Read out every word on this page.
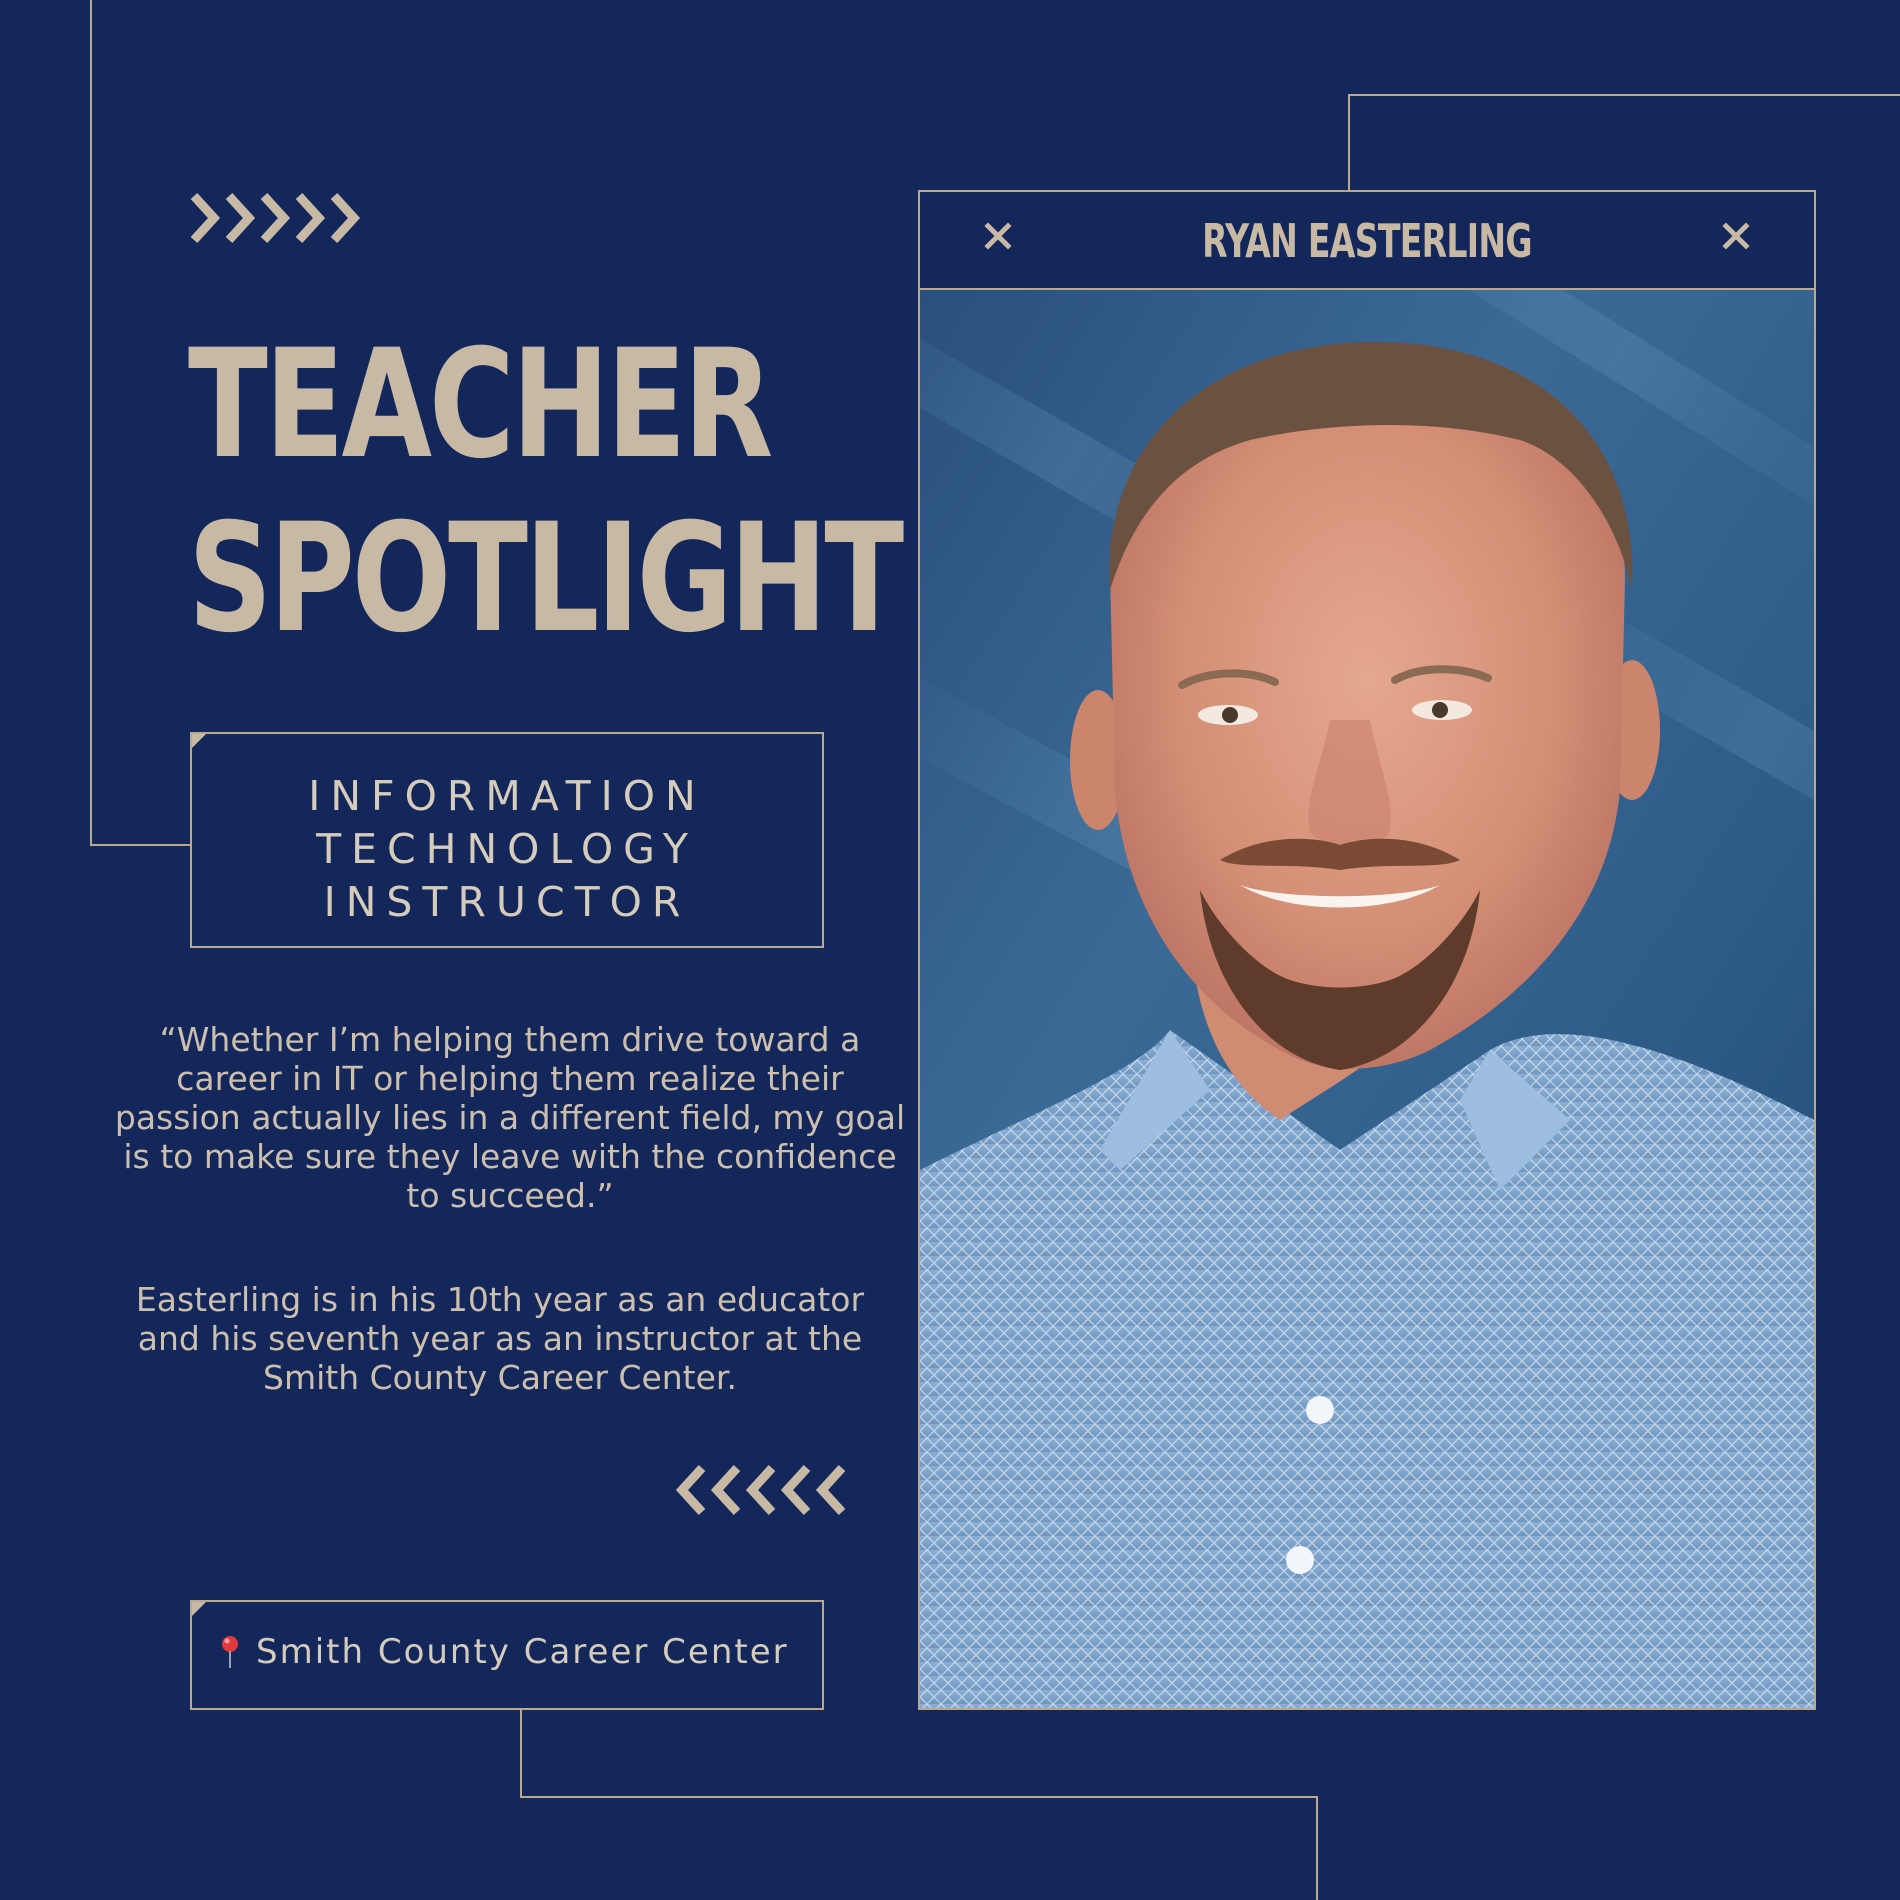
TEACHER
SPOTLIGHT
INFORMATION
TECHNOLOGY
INSTRUCTOR

“Whether I’m helping them drive toward a career in IT or helping them realize their passion actually lies in a different field, my goal is to make sure they leave with the confidence to succeed.”

Easterling is in his 10th year as an educator and his seventh year as an instructor at the Smith County Career Center.

Smith County Career Center
RYAN EASTERLING
